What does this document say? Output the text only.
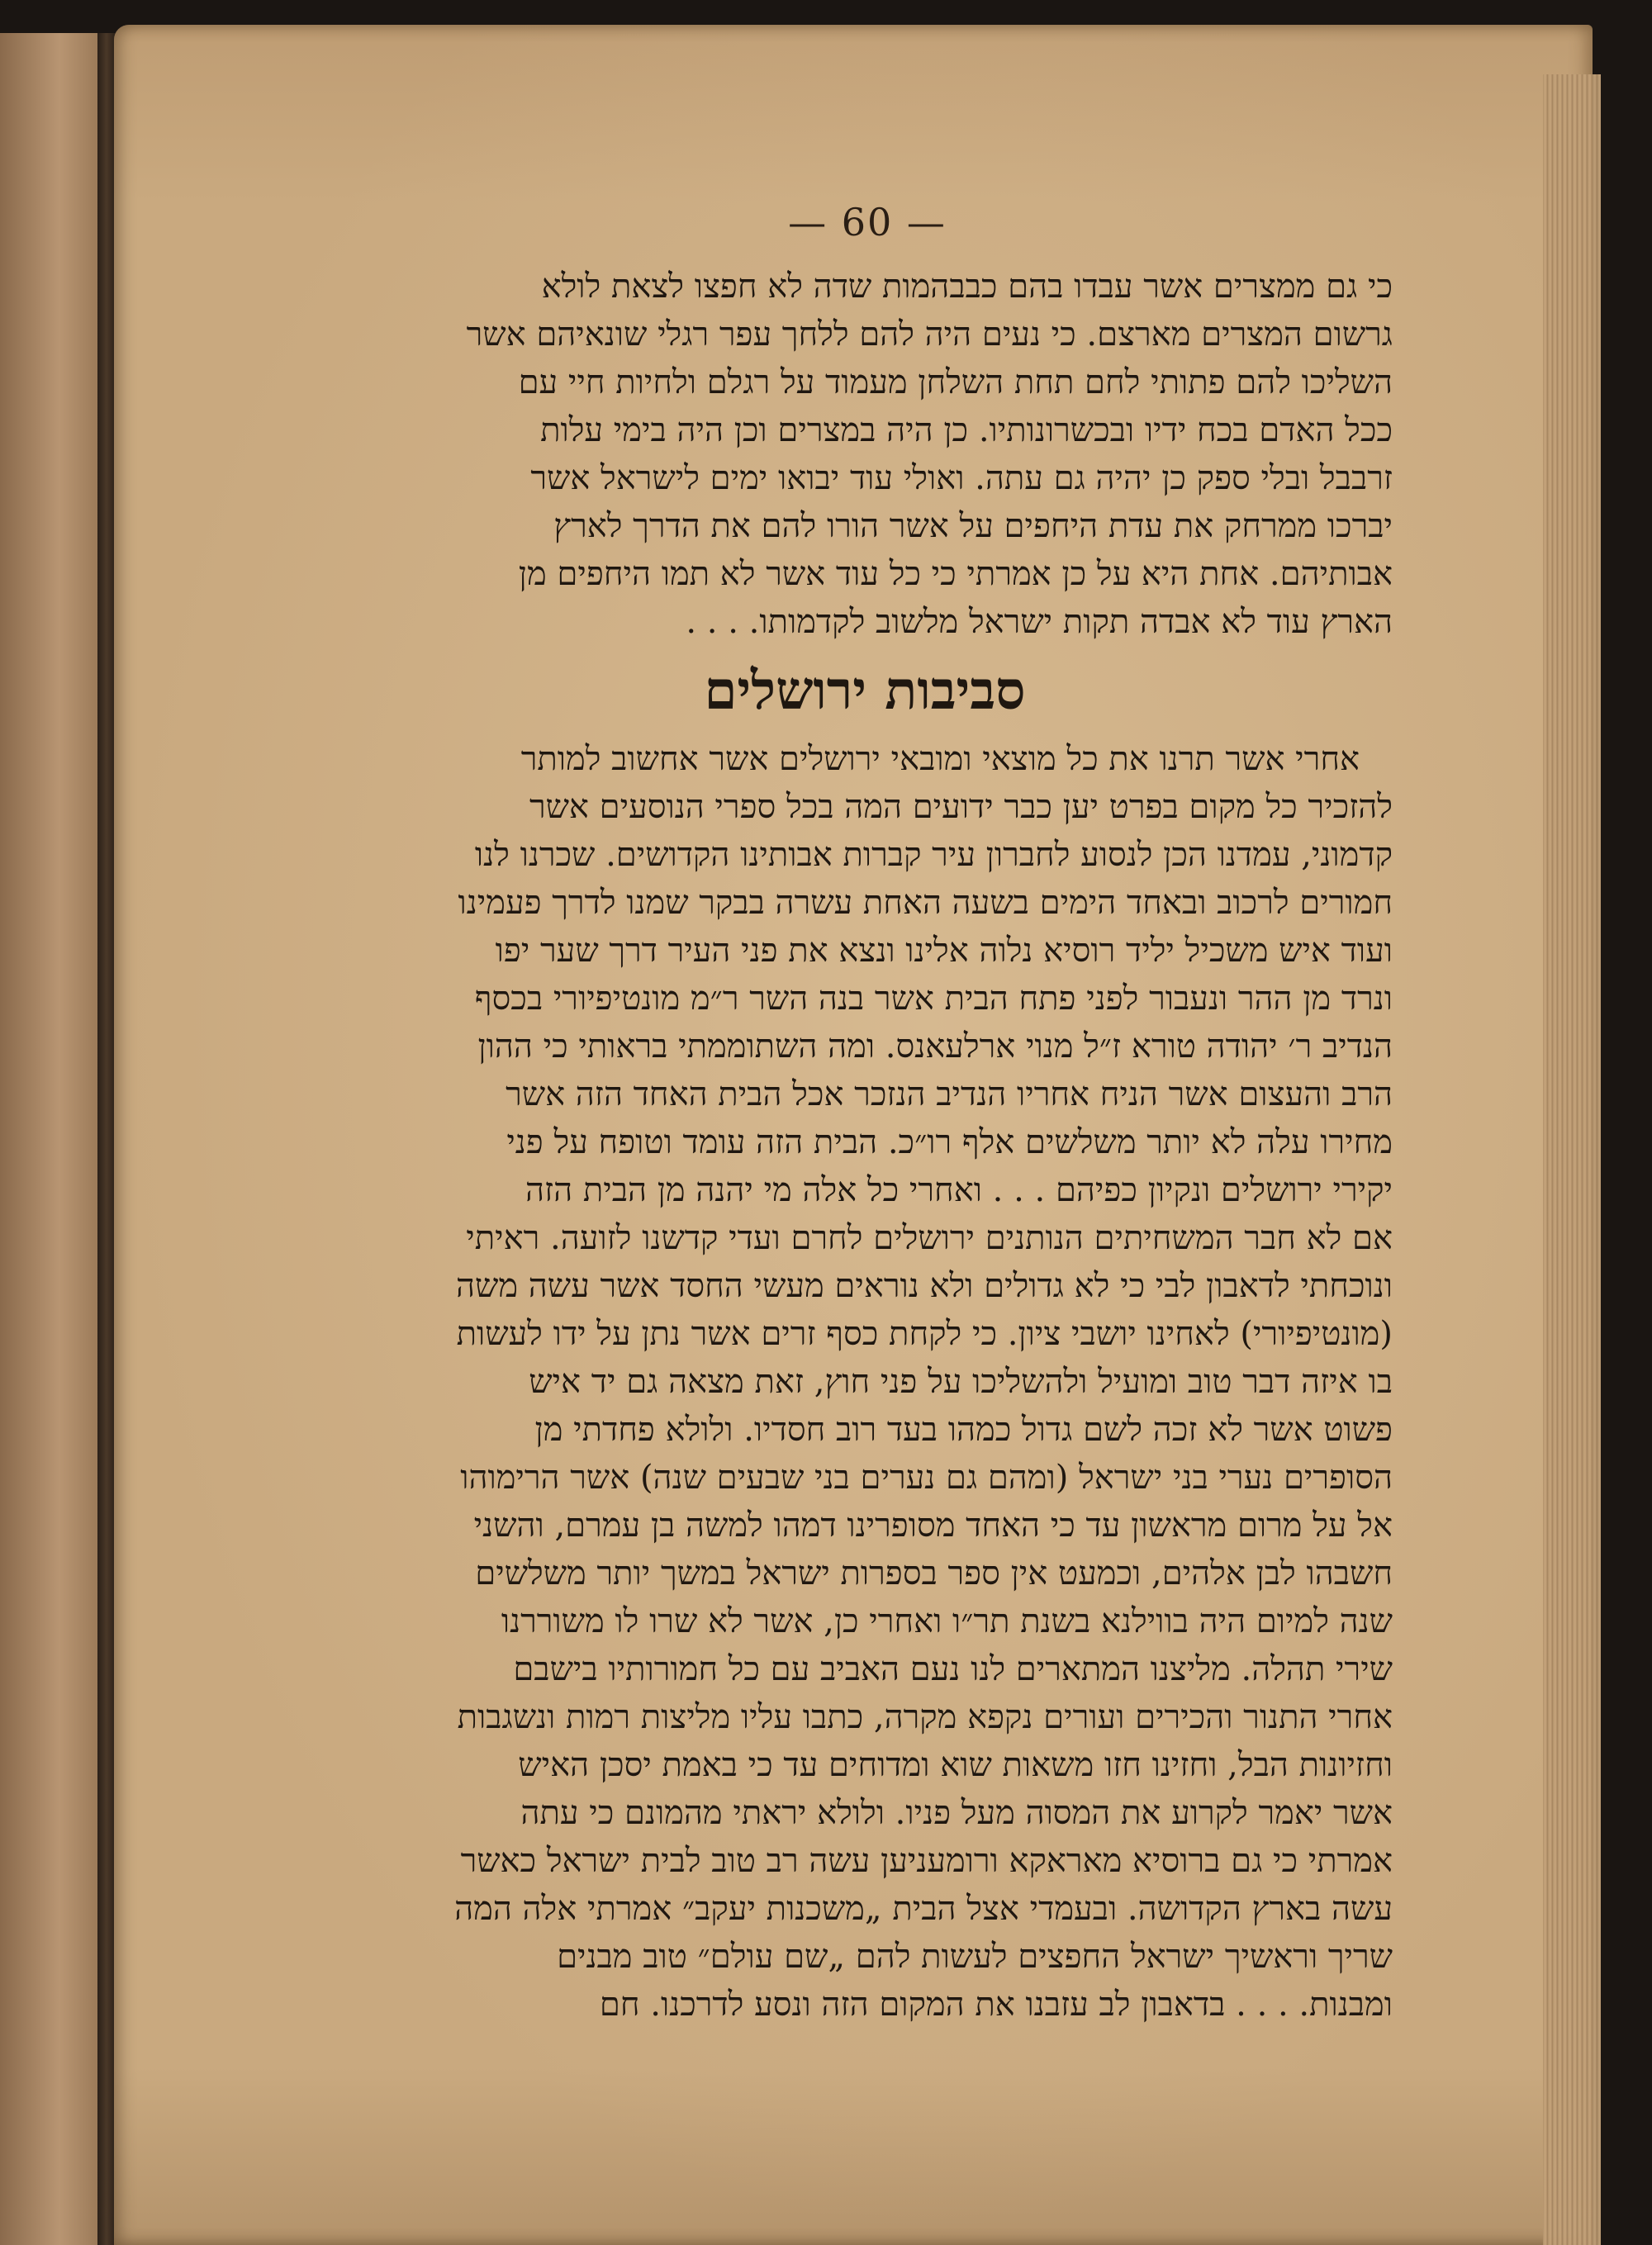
— 60 —
כי גם ממצרים אשר עבדו בהם כבבהמות שדה לא חפצו לצאת לולא
גרשום המצרים מארצם. כי נעים היה להם ללחך עפר רגלי שונאיהם אשר
השליכו להם פתותי לחם תחת השלחן מעמוד על רגלם ולחיות חיי עם
ככל האדם בכח ידיו ובכשרונותיו. כן היה במצרים וכן היה בימי עלות
זרבבל ובלי ספק כן יהיה גם עתה. ואולי עוד יבואו ימים לישראל אשר
יברכו ממרחק את עדת היחפים על אשר הורו להם את הדרך לארץ
אבותיהם. אחת היא על כן אמרתי כי כל עוד אשר לא תמו היחפים מן
הארץ עוד לא אבדה תקות ישראל מלשוב לקדמותו. . . .
סביבות ירושלים
אחרי אשר תרנו את כל מוצאי ומובאי ירושלים אשר אחשוב למותר
להזכיר כל מקום בפרט יען כבר ידועים המה בכל ספרי הנוסעים אשר
קדמוני, עמדנו הכן לנסוע לחברון עיר קברות אבותינו הקדושים. שכרנו לנו
חמורים לרכוב ובאחד הימים בשעה האחת עשרה בבקר שמנו לדרך פעמינו
ועוד איש משכיל יליד רוסיא נלוה אלינו ונצא את פני העיר דרך שער יפו
ונרד מן ההר ונעבור לפני פתח הבית אשר בנה השר ר״מ מונטיפיורי בכסף
הנדיב ר׳ יהודה טורא ז״ל מנוי ארלעאנס. ומה השתוממתי בראותי כי ההון
הרב והעצום אשר הניח אחריו הנדיב הנזכר אכל הבית האחד הזה אשר
מחירו עלה לא יותר משלשים אלף רו״כ. הבית הזה עומד וטופח על פני
יקירי ירושלים ונקיון כפיהם . . . ואחרי כל אלה מי יהנה מן הבית הזה
אם לא חבר המשחיתים הנותנים ירושלים לחרם ועדי קדשנו לזועה. ראיתי
ונוכחתי לדאבון לבי כי לא גדולים ולא נוראים מעשי החסד אשר עשה משה
(מונטיפיורי) לאחינו יושבי ציון. כי לקחת כסף זרים אשר נתן על ידו לעשות
בו איזה דבר טוב ומועיל ולהשליכו על פני חוץ, זאת מצאה גם יד איש
פשוט אשר לא זכה לשם גדול כמהו בעד רוב חסדיו. ולולא פחדתי מן
הסופרים נערי בני ישראל (ומהם גם נערים בני שבעים שנה) אשר הרימוהו
אל על מרום מראשון עד כי האחד מסופרינו דמהו למשה בן עמרם, והשני
חשבהו לבן אלהים, וכמעט אין ספר בספרות ישראל במשך יותר משלשים
שנה למיום היה בווילנא בשנת תר״ו ואחרי כן, אשר לא שרו לו משוררנו
שירי תהלה. מליצנו המתארים לנו נעם האביב עם כל חמורותיו בישבם
אחרי התנור והכירים ועורים נקפא מקרה, כתבו עליו מליצות רמות ונשגבות
וחזיונות הבל, וחזינו חזו משאות שוא ומדוחים עד כי באמת יסכן האיש
אשר יאמר לקרוע את המסוה מעל פניו. ולולא יראתי מהמונם כי עתה
אמרתי כי גם ברוסיא מאראקא ורומעניען עשה רב טוב לבית ישראל כאשר
עשה בארץ הקדושה. ובעמדי אצל הבית „משכנות יעקב״ אמרתי אלה המה
שריך וראשיך ישראל החפצים לעשות להם „שם עולם״ טוב מבנים
ומבנות. . . . בדאבון לב עזבנו את המקום הזה ונסע לדרכנו. חם
